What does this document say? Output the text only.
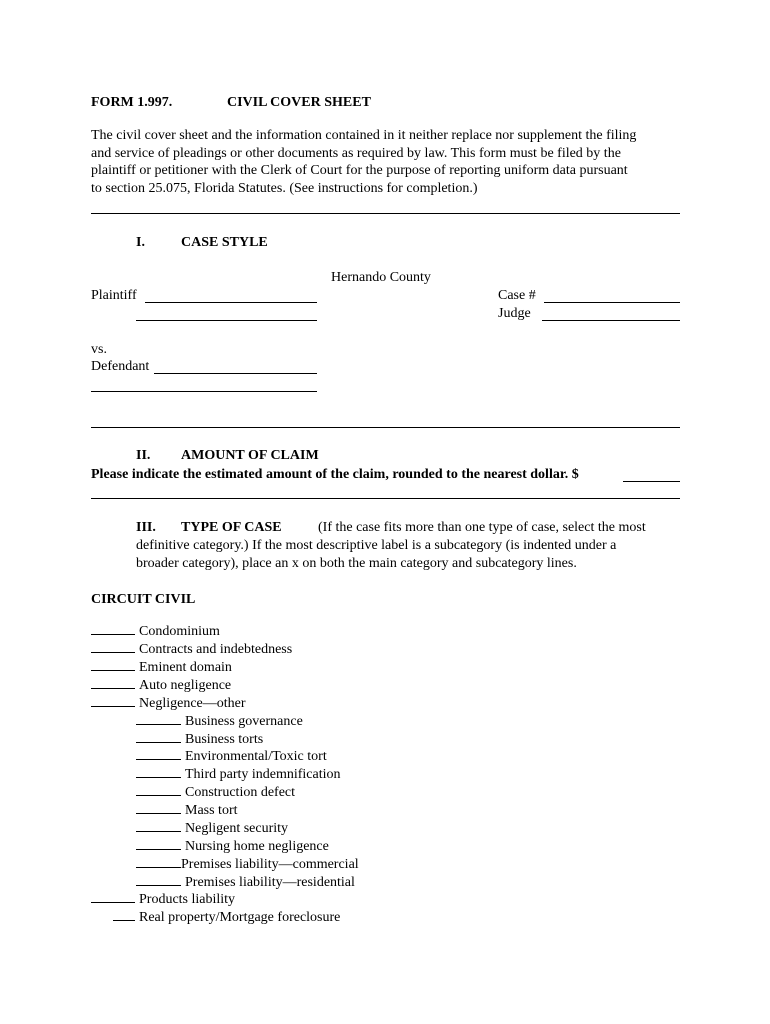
FORM 1.997.	CIVIL COVER SHEET

The civil cover sheet and the information contained in it neither replace nor supplement the filing

and service of pleadings or other documents as required by law. This form must be filed by the

plaintiff or petitioner with the Clerk of Court for the purpose of reporting uniform data pursuant

to section 25.075, Florida Statutes. (See instructions for completion.)

I.	CASE STYLE
Hernando County
Plaintiff	Case #
Judge
vs.
Defendant
II. AMOUNT OF CLAIM
Please indicate the estimated amount of the claim, rounded to the nearest dollar. $
III. TYPE OF CASE	(If the case fits more than one type of case, select the most
definitive category.) If the most descriptive label is a subcategory (is indented under a
broader category), place an x on both the main category and subcategory lines.
CIRCUIT CIVIL
Condominium
Contracts and indebtedness
Eminent domain
Auto negligence
Negligence—other
Business governance
Business torts
Environmental/Toxic tort
Third party indemnification
Construction defect
Mass tort
Negligent security
Nursing home negligence
Premises liability—commercial
Premises liability—residential
Products liability
Real property/Mortgage foreclosure
